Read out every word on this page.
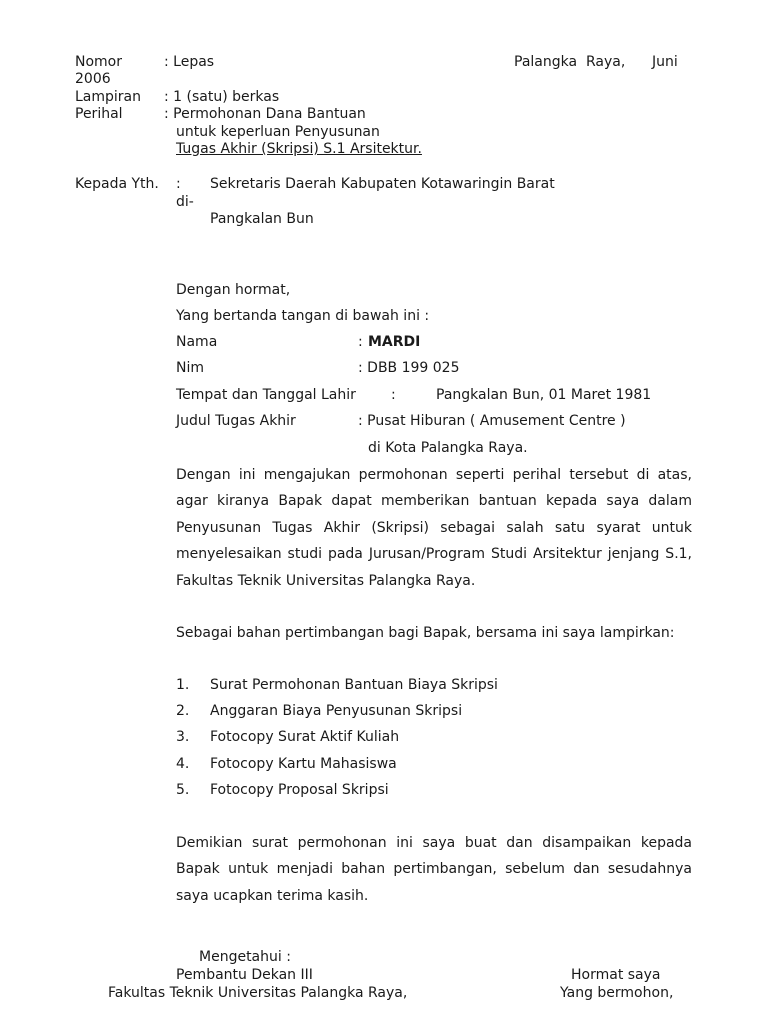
Nomor	: Lepas	Palangka  Raya,      Juni
2006
Lampiran : 1 (satu) berkas
Perihal	: Permohonan Dana Bantuan
untuk keperluan Penyusunan
Tugas Akhir (Skripsi) S.1 Arsitektur.
Kepada Yth. : Sekretaris Daerah Kabupaten Kotawaringin Barat
di-
Pangkalan Bun
Dengan hormat,
Yang bertanda tangan di bawah ini :
Nama	: MARDI
Nim	: DBB 199 025
Tempat dan Tanggal Lahir	:	Pangkalan Bun, 01 Maret 1981
Judul Tugas Akhir	: Pusat Hiburan ( Amusement Centre )
di Kota Palangka Raya.
Dengan ini mengajukan permohonan seperti perihal tersebut di atas, agar kiranya Bapak dapat memberikan bantuan kepada saya dalam Penyusunan Tugas Akhir (Skripsi) sebagai salah satu syarat untuk menyelesaikan studi pada Jurusan/Program Studi Arsitektur jenjang S.1, Fakultas Teknik Universitas Palangka Raya.
Sebagai bahan pertimbangan bagi Bapak, bersama ini saya lampirkan:
1. Surat Permohonan Bantuan Biaya Skripsi
2. Anggaran Biaya Penyusunan Skripsi
3. Fotocopy Surat Aktif Kuliah
4. Fotocopy Kartu Mahasiswa
5. Fotocopy Proposal Skripsi
Demikian surat permohonan ini saya buat dan disampaikan kepada Bapak untuk menjadi bahan pertimbangan, sebelum dan sesudahnya saya ucapkan terima kasih.
Mengetahui :
Pembantu Dekan III
Fakultas Teknik Universitas Palangka Raya,
Hormat saya
Yang bermohon,
